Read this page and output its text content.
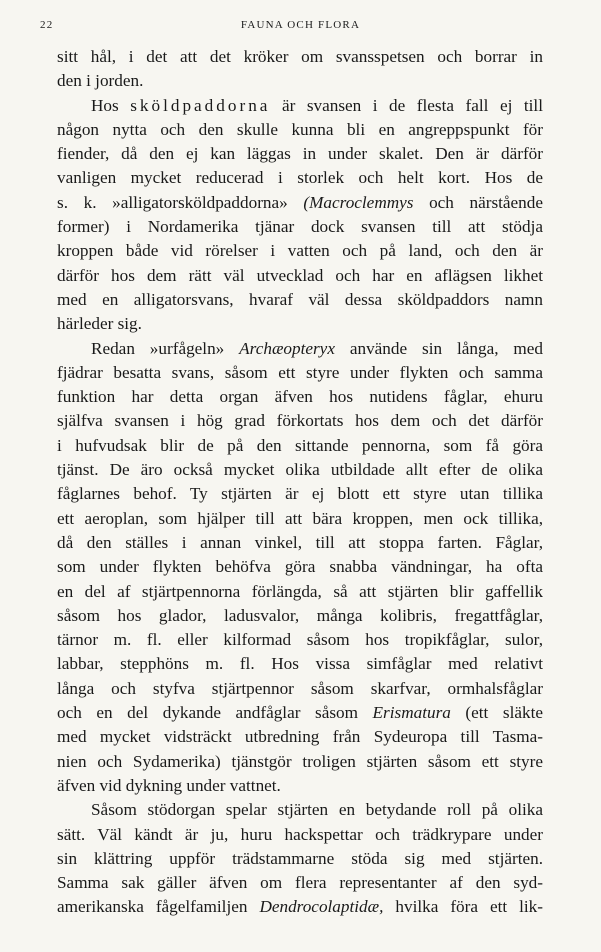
22	FAUNA OCH FLORA
sitt hål, i det att det kröker om svansspetsen och borrar in
den i jorden.
Hos sköldpaddorna är svansen i de flesta fall ej till
någon nytta och den skulle kunna bli en angreppspunkt för
fiender, då den ej kan läggas in under skalet. Den är därför
vanligen mycket reducerad i storlek och helt kort. Hos de
s. k. »alligatorsköldpaddorna» (Macroclemmys och närstående
former) i Nordamerika tjänar dock svansen till att stödja
kroppen både vid rörelser i vatten och på land, och den är
därför hos dem rätt väl utvecklad och har en aflägsen likhet
med en alligatorsvans, hvaraf väl dessa sköldpaddors namn
härleder sig.
Redan »urfågeln» Archæopteryx använde sin långa, med
fjädrar besatta svans, såsom ett styre under flykten och samma
funktion har detta organ äfven hos nutidens fåglar, ehuru
själfva svansen i hög grad förkortats hos dem och det därför
i hufvudsak blir de på den sittande pennorna, som få göra
tjänst. De äro också mycket olika utbildade allt efter de olika
fåglarnes behof. Ty stjärten är ej blott ett styre utan tillika
ett aeroplan, som hjälper till att bära kroppen, men ock tillika,
då den ställes i annan vinkel, till att stoppa farten. Fåglar,
som under flykten behöfva göra snabba vändningar, ha ofta
en del af stjärtpennorna förlängda, så att stjärten blir gaffellik
såsom hos glador, ladusvalor, många kolibris, fregattfåglar,
tärnor m. fl. eller kilformad såsom hos tropikfåglar, sulor,
labbar, stepphöns m. fl. Hos vissa simfåglar med relativt
långa och styfva stjärtpennor såsom skarfvar, ormhalsfåglar
och en del dykande andfåglar såsom Erismatura (ett släkte
med mycket vidsträckt utbredning från Sydeuropa till Tasma-
nien och Sydamerika) tjänstgör troligen stjärten såsom ett styre
äfven vid dykning under vattnet.
Såsom stödorgan spelar stjärten en betydande roll på olika
sätt. Väl kändt är ju, huru hackspettar och trädkrypare under
sin klättring uppför trädstammarne stöda sig med stjärten.
Samma sak gäller äfven om flera representanter af den syd-
amerikanska fågelfamiljen Dendrocolaptidæ, hvilka föra ett lik-
